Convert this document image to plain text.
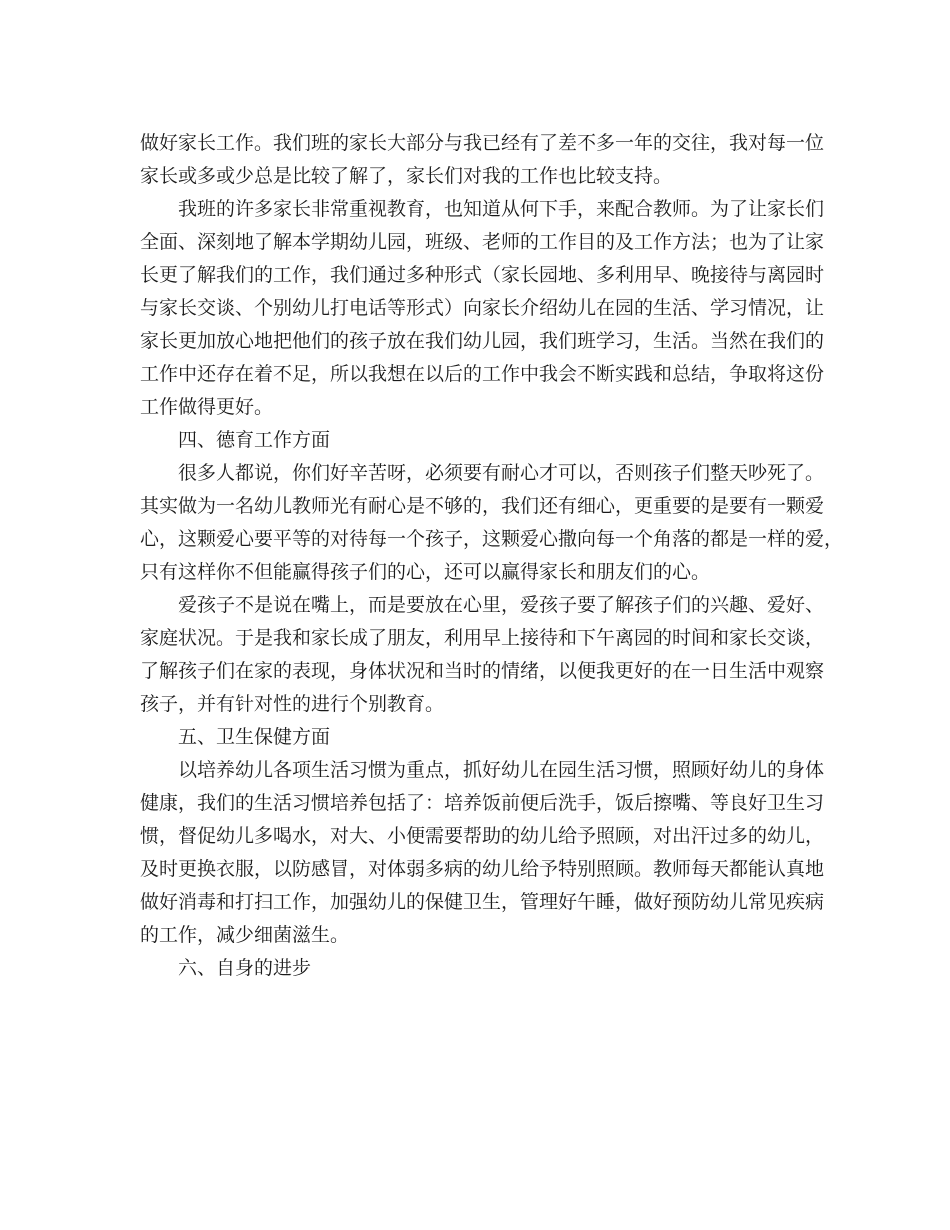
做好家长工作。我们班的家长大部分与我已经有了差不多一年的交往，我对每一位
家长或多或少总是比较了解了，家长们对我的工作也比较支持。
我班的许多家长非常重视教育，也知道从何下手，来配合教师。为了让家长们
全面、深刻地了解本学期幼儿园，班级、老师的工作目的及工作方法；也为了让家
长更了解我们的工作，我们通过多种形式（家长园地、多利用早、晚接待与离园时
与家长交谈、个别幼儿打电话等形式）向家长介绍幼儿在园的生活、学习情况，让
家长更加放心地把他们的孩子放在我们幼儿园，我们班学习，生活。当然在我们的
工作中还存在着不足，所以我想在以后的工作中我会不断实践和总结，争取将这份
工作做得更好。
四、德育工作方面
很多人都说，你们好辛苦呀，必须要有耐心才可以，否则孩子们整天吵死了。
其实做为一名幼儿教师光有耐心是不够的，我们还有细心，更重要的是要有一颗爱
心，这颗爱心要平等的对待每一个孩子，这颗爱心撒向每一个角落的都是一样的爱，
只有这样你不但能赢得孩子们的心，还可以赢得家长和朋友们的心。
爱孩子不是说在嘴上，而是要放在心里，爱孩子要了解孩子们的兴趣、爱好、
家庭状况。于是我和家长成了朋友，利用早上接待和下午离园的时间和家长交谈，
了解孩子们在家的表现，身体状况和当时的情绪，以便我更好的在一日生活中观察
孩子，并有针对性的进行个别教育。
五、卫生保健方面
以培养幼儿各项生活习惯为重点，抓好幼儿在园生活习惯，照顾好幼儿的身体
健康，我们的生活习惯培养包括了：培养饭前便后洗手，饭后擦嘴、等良好卫生习
惯，督促幼儿多喝水，对大、小便需要帮助的幼儿给予照顾，对出汗过多的幼儿，
及时更换衣服，以防感冒，对体弱多病的幼儿给予特别照顾。教师每天都能认真地
做好消毒和打扫工作，加强幼儿的保健卫生，管理好午睡，做好预防幼儿常见疾病
的工作，减少细菌滋生。
六、自身的进步
